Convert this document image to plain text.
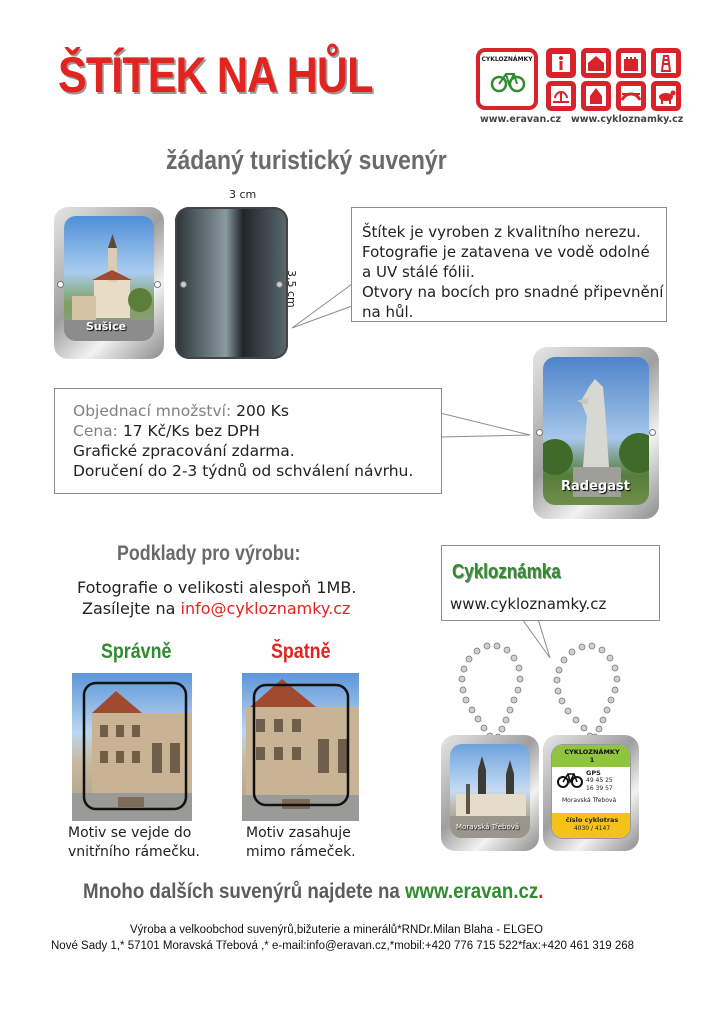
ŠTÍTEK NA HŮL
žádaný turistický suvenýr
CYKLOZNÁMKY
www.eravan.cz www.cyklozn​amky.cz
Sušice
3 cm
3,5 cm
Štítek je vyroben z kvalitního nerezu.
Fotografie je zatavena ve vodě odolné
a UV stálé fólii.
Otvory na bocích pro snadné připevnění
na hůl.
Radegast
Objednací množství: 200 Ks
Cena: 17 Kč/Ks bez DPH
Grafické zpracování zdarma.
Doručení do 2-3 týdnů od schválení návrhu.
Podklady pro výrobu:
Fotografie o velikosti alespoň 1MB.
Zasílejte na info@cykloznamky.cz
Správně	Špatně
Motiv se vejde do
vnitřního rámečku.
Motiv zasahuje
mimo rámeček.
Cykloznámka
www.cykloznamky.cz
Moravská Třebová
CYKLOZNÁMKY
1
GPS
49 45 25
16 39 57
Moravská Třebová
číslo cyklotras
4030 / 4147
Mnoho dalších suvenýrů najdete na www.eravan.cz.
Výroba a velkoobchod suvenýrů,bižuterie a minerálů*RNDr.Milan Blaha - ELGEO
Nové Sady 1,* 57101 Moravská Třebová ,* e-mail:info@eravan.cz,*mobil:+420 776 715 522*fax:+420 461 319 268
